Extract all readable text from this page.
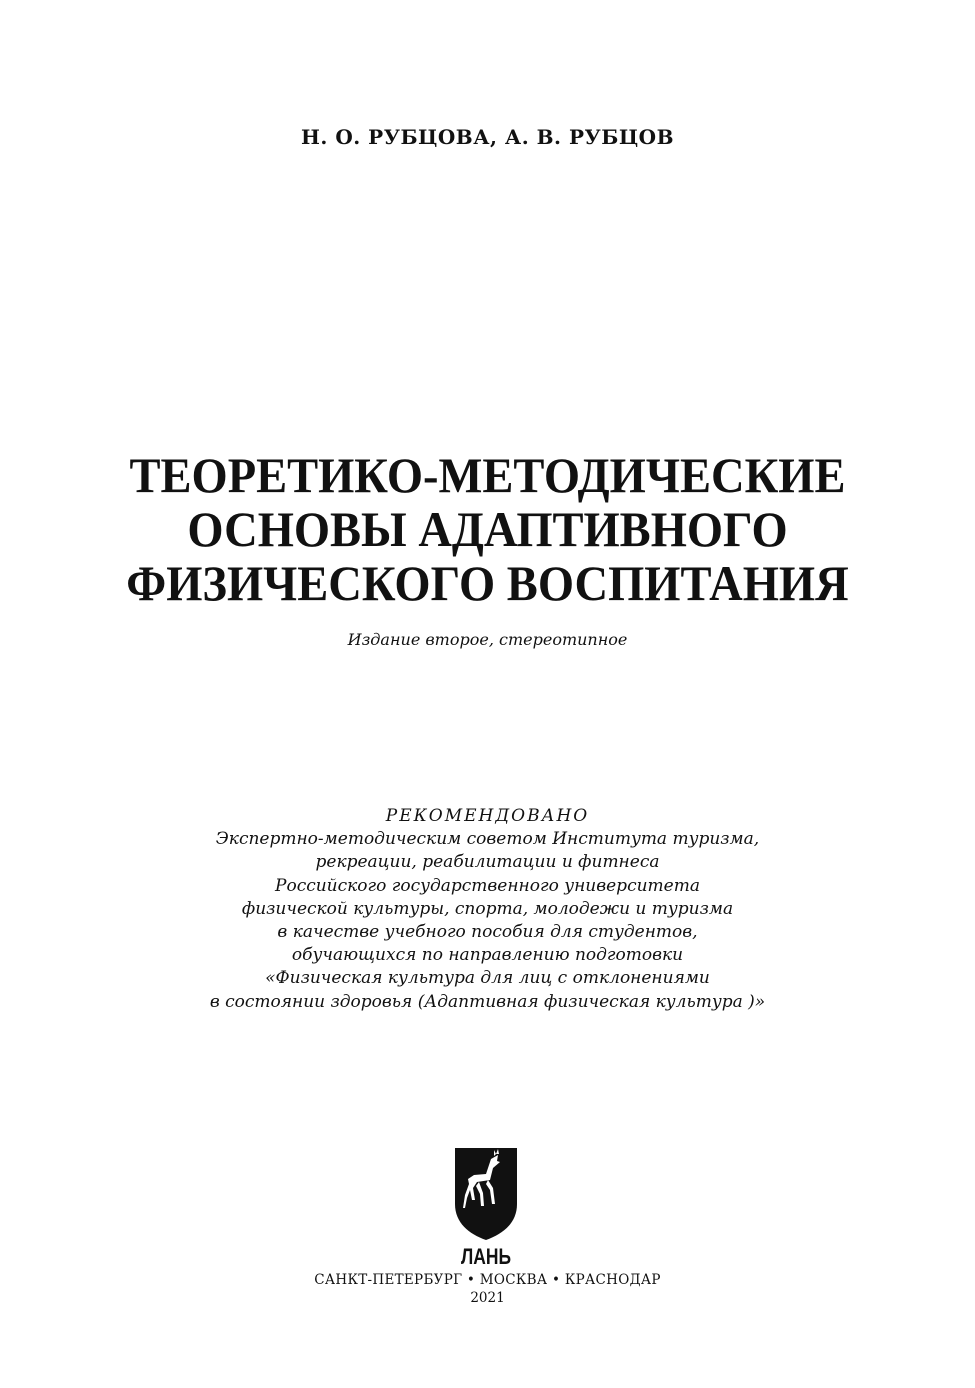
Н. О. РУБЦОВА, А. В. РУБЦОВ
ТЕОРЕТИКО-МЕТОДИЧЕСКИЕ
ОСНОВЫ АДАПТИВНОГО
ФИЗИЧЕСКОГО ВОСПИТАНИЯ
Издание второе, стереотипное
РЕКОМЕНДОВАНО
Экспертно-методическим советом Института туризма,
рекреации, реабилитации и фитнеса
Российского государственного университета
физической культуры, спорта, молодежи и туризма
в качестве учебного пособия для студентов,
обучающихся по направлению подготовки
«Физическая культура для лиц с отклонениями
в состоянии здоровья (Адаптивная физическая культура )»
ЛАНЬ
САНКТ-ПЕТЕРБУРГ • МОСКВА • КРАСНОДАР
2021
